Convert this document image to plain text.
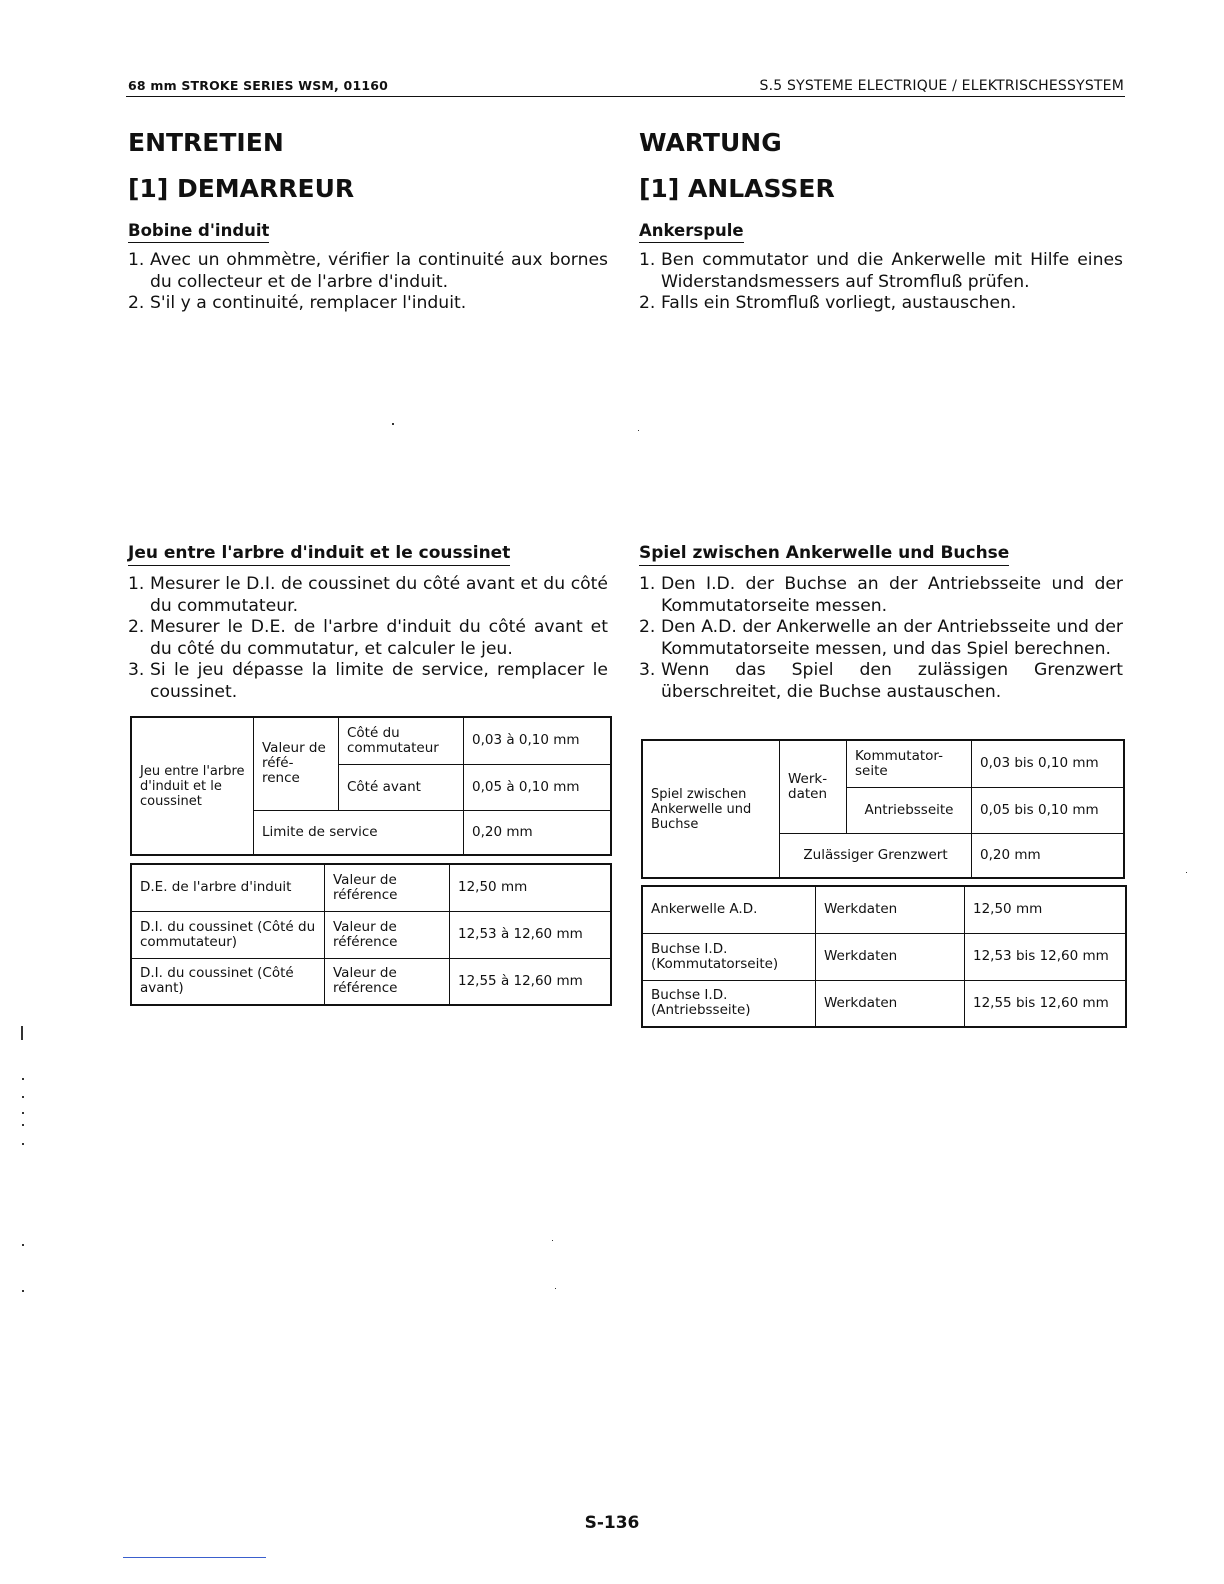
68 mm STROKE SERIES WSM, 01160	S.5 SYSTEME ELECTRIQUE / ELEKTRISCHESSYSTEM
ENTRETIEN
[1] DEMARREUR
Bobine d'induit
1. Avec un ohmmètre, vérifier la continuité aux bornes du collecteur et de l'arbre d'induit.
2. S'il y a continuité, remplacer l'induit.
Jeu entre l'arbre d'induit et le coussinet
1. Mesurer le D.I. de coussinet du côté avant et du côté du commutateur.
2. Mesurer le D.E. de l'arbre d'induit du côté avant et du côté du commutatur, et calculer le jeu.
3. Si le jeu dépasse la limite de service, remplacer le coussinet.
Jeu entre l'arbre d'induit et le coussinet	Valeur de réfé-rence	Côté du commutateur	0,03 à 0,10 mm
		Côté avant	0,05 à 0,10 mm
	Limite de service		0,20 mm
D.E. de l'arbre d'induit	Valeur de référence	12,50 mm
D.I. du coussinet (Côté du commutateur)	Valeur de référence	12,53 à 12,60 mm
D.I. du coussinet (Côté avant)	Valeur de référence	12,55 à 12,60 mm
WARTUNG
[1] ANLASSER
Ankerspule
1. Ben commutator und die Ankerwelle mit Hilfe eines Widerstandsmessers auf Stromfluß prüfen.
2. Falls ein Stromfluß vorliegt, austauschen.
Spiel zwischen Ankerwelle und Buchse
1. Den I.D. der Buchse an der Antriebsseite und der Kommutatorseite messen.
2. Den A.D. der Ankerwelle an der Antriebsseite und der Kommutatorseite messen, und das Spiel berechnen.
3. Wenn das Spiel den zulässigen Grenzwert überschreitet, die Buchse austauschen.
Spiel zwischen Ankerwelle und Buchse	Werk-daten	Kommutator-seite	0,03 bis 0,10 mm
		Antriebsseite	0,05 bis 0,10 mm
	Zulässiger Grenzwert		0,20 mm
Ankerwelle A.D.	Werkdaten	12,50 mm
Buchse I.D. (Kommutatorseite)	Werkdaten	12,53 bis 12,60 mm
Buchse I.D. (Antriebsseite)	Werkdaten	12,55 bis 12,60 mm
S-136
